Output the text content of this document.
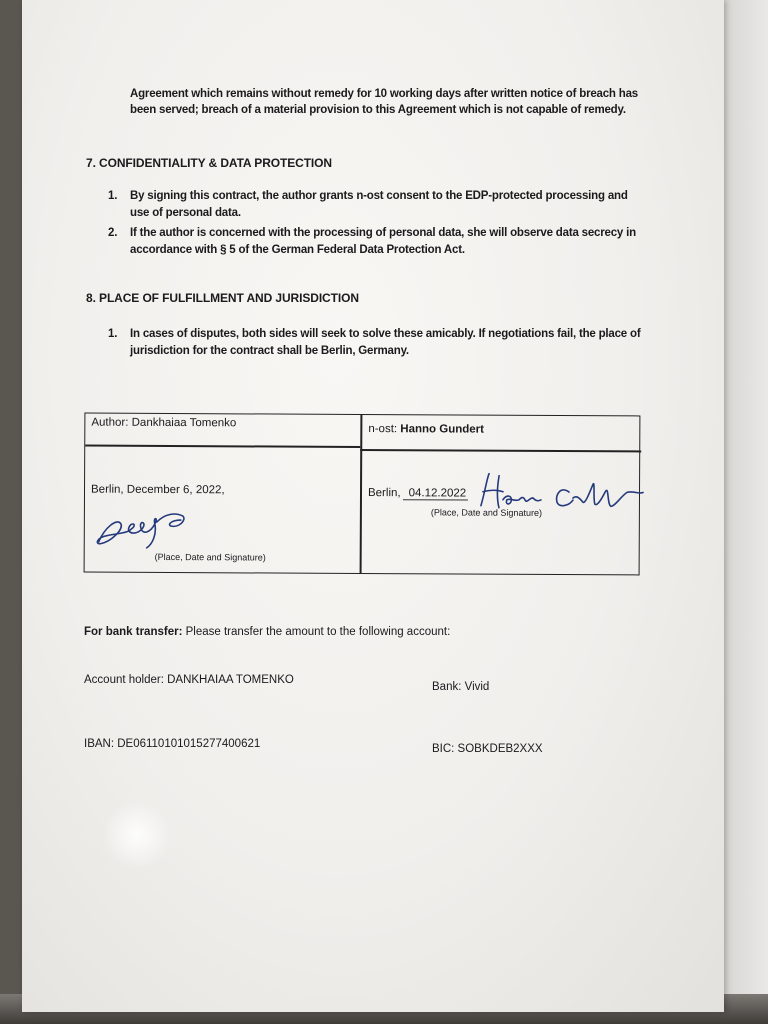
Agreement which remains without remedy for 10 working days after written notice of breach has been served; breach of a material provision to this Agreement which is not capable of remedy.
7. CONFIDENTIALITY & DATA PROTECTION
1. By signing this contract, the author grants n-ost consent to the EDP-protected processing and use of personal data.
2. If the author is concerned with the processing of personal data, she will observe data secrecy in accordance with § 5 of the German Federal Data Protection Act.
8. PLACE OF FULFILLMENT AND JURISDICTION
1. In cases of disputes, both sides will seek to solve these amicably. If negotiations fail, the place of jurisdiction for the contract shall be Berlin, Germany.
Author: Dankhaiaa Tomenko	n-ost: Hanno Gundert
Berlin, December 6, 2022,
(Place, Date and Signature)
Berlin, 04.12.2022
(Place, Date and Signature)
For bank transfer: Please transfer the amount to the following account:
Account holder: DANKHAIAA TOMENKO
Bank: Vivid
IBAN: DE06110101015277400621	BIC: SOBKDEB2XXX
